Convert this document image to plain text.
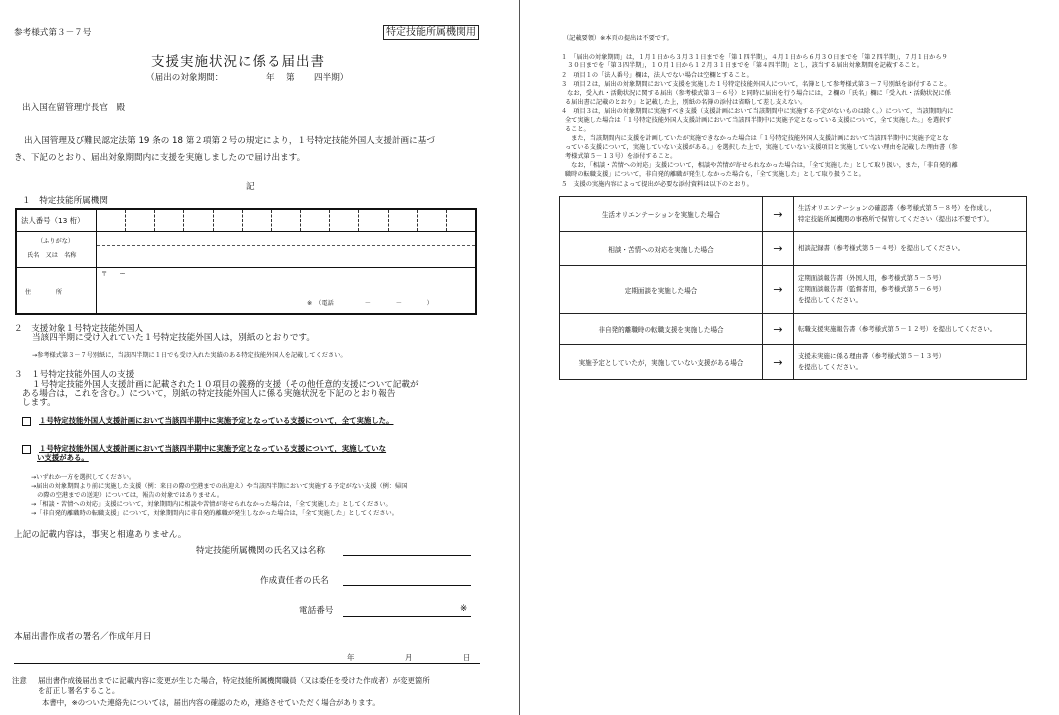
参考様式第３－７号	特定技能所属機関用
支援実施状況に係る届出書
（届出の対象期間：	年 第 四半期）
出入国在留管理庁長官　殿
出入国管理及び難民認定法第 19 条の 18 第２項第２号の規定により，１号特定技能外国人支援計画に基づ
き、下記のとおり、届出対象期間内に支援を実施しましたので届け出ます。
記
１　特定技能所属機関
法人番号（13 桁）
（ふりがな）
氏名　又は　名称
住　　　　所
〒　　ー
※　（電話　　　　　－　　　　－　　　　）
２　支援対象１号特定技能外国人
当該四半期に受け入れていた１号特定技能外国人は，別紙のとおりです。
→参考様式第３－７号別紙に，当該四半期に１日でも受け入れた実績のある特定技能外国人を記載してください。
３　１号特定技能外国人の支援
１号特定技能外国人支援計画に記載された１０項目の義務的支援（その他任意的支援について記載が
ある場合は，これを含む。）について，別紙の特定技能外国人に係る実施状況を下記のとおり報告
します。
１号特定技能外国人支援計画において当該四半期中に実施予定となっている支援について，全て実施した。
１号特定技能外国人支援計画において当該四半期中に実施予定となっている支援について，実施していな
い支援がある。
→いずれか一方を選択してください。
→届出の対象期間より前に実施した支援（例：来日の際の空港までの出迎え）や当該四半期において実施する予定がない支援（例：帰国
　の際の空港までの送迎）については，報告の対象ではありません。
→「相談・苦情への対応」支援について，対象期間内に相談や苦情が寄せられなかった場合は，「全て実施した」としてください。
→「非自発的離職時の転職支援」について，対象期間内に非自発的離職が発生しなかった場合は，「全て実施した」としてください。
上記の記載内容は，事実と相違ありません。
特定技能所属機関の氏名又は名称
作成責任者の氏名
電話番号	※
本届出書作成者の署名／作成年月日
年	月	日
注意 届出書作成後届出までに記載内容に変更が生じた場合，特定技能所属機関職員（又は委任を受けた作成者）が変更箇所
を訂正し署名すること。
本書中，※のついた連絡先については，届出内容の確認のため，連絡させていただく場合があります。
（記載要領）※本頁の提出は不要です。
１　「届出の対象期間」は，１月１日から３月３１日までを「第１四半期」，４月１日から６月３０日までを「第２四半期」，７月１日から９
　３０日までを「第３四半期」，１０月１日から１２月３１日までを「第４四半期」とし，該当する届出対象期間を記載すること。
２　項目１の「法人番号」欄は，法人でない場合は空欄とすること。
３　項目２は，届出の対象期間において支援を実施した１号特定技能外国人について，名簿として参考様式第３－７号別紙を添付すること。
　なお，受入れ・活動状況に関する届出（参考様式第３－６号）と同時に届出を行う場合には，２欄の「氏名」欄に「受入れ・活動状況に係
る届出書に記載のとおり」と記載した上，別紙の名簿の添付は省略して差し支えない。
４　項目３は，届出の対象期間に実施すべき支援（支援計画において当該期間中に実施する予定がないものは除く。）について，当該期間内に
全て実施した場合は「１号特定技能外国人支援計画において当該四半期中に実施予定となっている支援について，全て実施した。」を選択す
ること。
　また，当該期間内に支援を計画していたが実施できなかった場合は「１号特定技能外国人支援計画において当該四半期中に実施予定とな
っている支援について，実施していない支援がある。」を選択した上で，実施していない支援項目と実施していない理由を記載した理由書（参
考様式第５－１３号）を添付すること。
　なお，「相談・苦情への対応」支援について，相談や苦情が寄せられなかった場合は，「全て実施した」として取り扱い，また，「非自発的離
職時の転職支援」について，非自発的離職が発生しなかった場合も，「全て実施した」として取り扱うこと。
５　支援の実施内容によって提出が必要な添付資料は以下のとおり。
生活オリエンテーションを実施した場合	→	生活オリエンテーションの確認書（参考様式第５－８号）を作成し，
特定技能所属機関の事務所で保管してください（提出は不要です）。
相談・苦情への対応を実施した場合	→	相談記録書（参考様式第５－４号）を提出してください。
定期面談を実施した場合	→
定期面談報告書（外国人用，参考様式第５－５号）
定期面談報告書（監督者用，参考様式第５－６号）
を提出してください。
非自発的離職時の転職支援を実施した場合	→	転職支援実施報告書（参考様式第５－１２号）を提出してください。
実施予定としていたが，実施していない支援がある場合	→	支援未実施に係る理由書（参考様式第５－１３号）
を提出してください。
